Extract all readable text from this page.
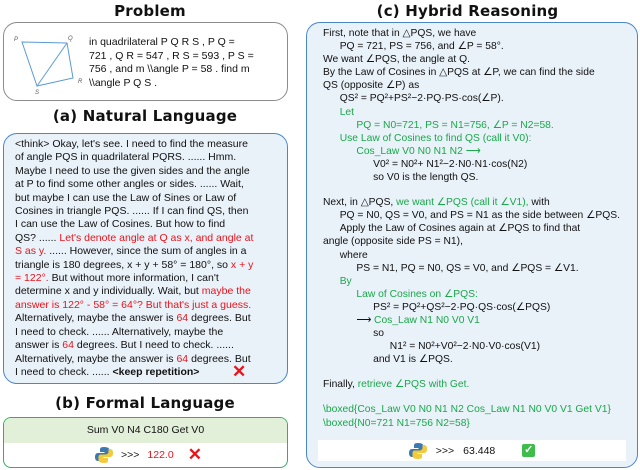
Problem
P	Q
R
S
in quadrilateral P Q R S , P Q =
721 , Q R = 547 , R S = 593 , P S =
756 , and m \\angle P = 58 . find m
\\angle P Q S .
(a) Natural Language
<think> Okay, let's see. I need to find the measure
of angle PQS in quadrilateral PQRS. ...... Hmm.
Maybe I need to use the given sides and the angle
at P to find some other angles or sides. ...... Wait,
but maybe I can use the Law of Sines or Law of
Cosines in triangle PQS. ...... If I can find QS, then
I can use the Law of Cosines. But how to find
QS? ...... Let's denote angle at Q as x, and angle at
S as y. ...... However, since the sum of angles in a
triangle is 180 degrees, x + y + 58° = 180°, so x + y
= 122°. But without more information, I can't
determine x and y individually. Wait, but maybe the
answer is 122° - 58° = 64°? But that's just a guess.
Alternatively, maybe the answer is 64 degrees. But
I need to check. ...... Alternatively, maybe the
answer is 64 degrees. But I need to check. ......
Alternatively, maybe the answer is 64 degrees. But
I need to check. ...... <keep repetition>	✕
(b) Formal Language
Sum V0 N4 C180 Get V0
>>> 122.0 ✕
(c) Hybrid Reasoning
First, note that in △PQS, we have
PQ = 721, PS = 756, and ∠P = 58°.
We want ∠PQS, the angle at Q.
By the Law of Cosines in △PQS at ∠P, we can find the side
QS (opposite ∠P) as
QS² = PQ²+PS²−2·PQ·PS·cos(∠P).
Let
PQ = N0=721, PS = N1=756, ∠P = N2=58.
Use Law of Cosines to find QS (call it V0):
Cos_Law V0 N0 N1 N2 ⟶
V0² = N0²+ N1²−2·N0·N1·cos(N2)
so V0 is the length QS.
Next, in △PQS, we want ∠PQS (call it ∠V1), with
PQ = N0, QS = V0, and PS = N1 as the side between ∠PQS.
Apply the Law of Cosines again at ∠PQS to find that
angle (opposite side PS = N1),
where
PS = N1, PQ = N0, QS = V0, and ∠PQS = ∠V1.
By
Law of Cosines on ∠PQS:
PS² = PQ²+QS²−2·PQ·QS·cos(∠PQS)
⟶ Cos_Law N1 N0 V0 V1
so
N1² = N0²+V0²−2·N0·V0·cos(V1)
and V1 is ∠PQS.
Finally, retrieve ∠PQS with Get.
\boxed{Cos_Law V0 N0 N1 N2 Cos_Law N1 N0 V0 V1 Get V1}
\boxed{N0=721 N1=756 N2=58}
>>> 63.448	✓
